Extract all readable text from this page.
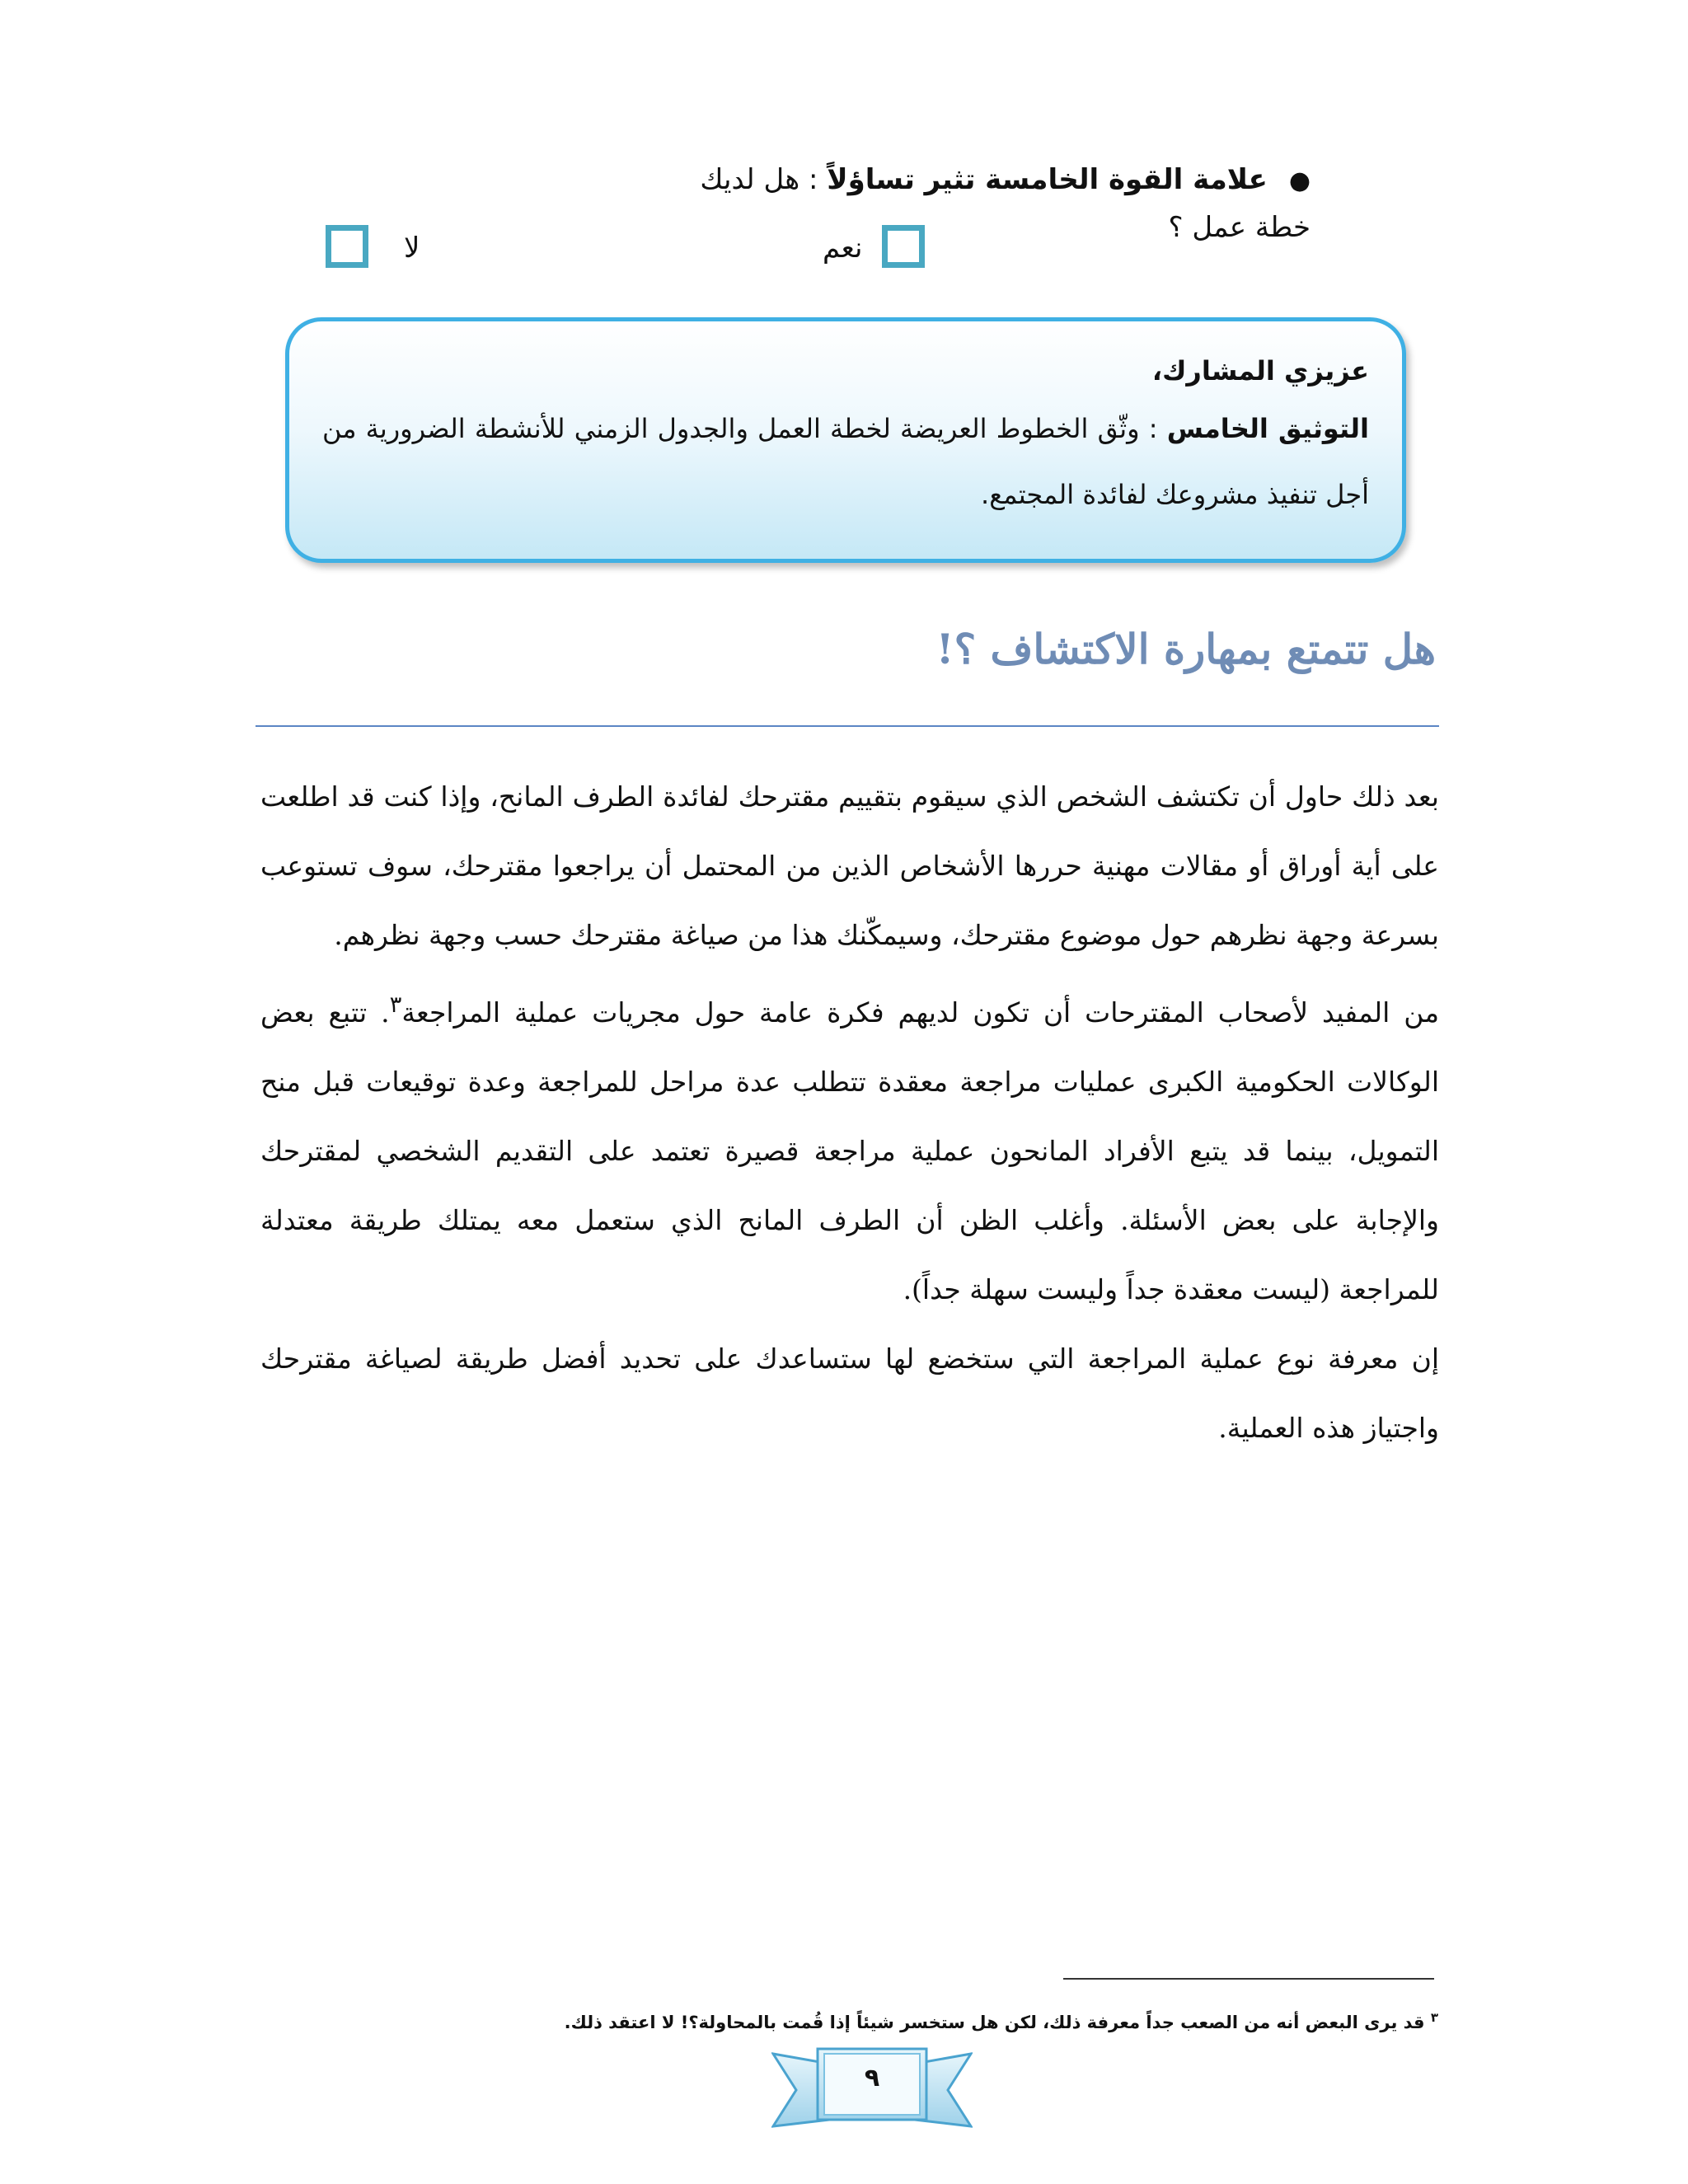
●علامة القوة الخامسة تثير تساؤلاً : هل لديك خطة عمل ؟
نعم
لا
عزيزي المشارك،
التوثيق الخامس : وثّق الخطوط العريضة لخطة العمل والجدول الزمني للأنشطة الضرورية من أجل تنفيذ مشروعك لفائدة المجتمع.
هل تتمتع بمهارة الاكتشاف ؟!

بعد ذلك حاول أن تكتشف الشخص الذي سيقوم بتقييم مقترحك لفائدة الطرف المانح، وإذا كنت قد اطلعت على أية أوراق أو مقالات مهنية حررها الأشخاص الذين من المحتمل أن يراجعوا مقترحك، سوف تستوعب بسرعة وجهة نظرهم حول موضوع مقترحك، وسيمكّنك هذا من صياغة مقترحك حسب وجهة نظرهم.

من المفيد لأصحاب المقترحات أن تكون لديهم فكرة عامة حول مجريات عملية المراجعة$^٣$. تتبع بعض الوكالات الحكومية الكبرى عمليات مراجعة معقدة تتطلب عدة مراحل للمراجعة وعدة توقيعات قبل منح التمويل، بينما قد يتبع الأفراد المانحون عملية مراجعة قصيرة تعتمد على التقديم الشخصي لمقترحك والإجابة على بعض الأسئلة. وأغلب الظن أن الطرف المانح الذي ستعمل معه يمتلك طريقة معتدلة للمراجعة (ليست معقدة جداً وليست سهلة جداً).

إن معرفة نوع عملية المراجعة التي ستخضع لها ستساعدك على تحديد أفضل طريقة لصياغة مقترحك واجتياز هذه العملية.

$^٣$ قد يرى البعض أنه من الصعب جداً معرفة ذلك، لكن هل ستخسر شيئاً إذا قُمت بالمحاولة؟! لا اعتقد ذلك.
٩
